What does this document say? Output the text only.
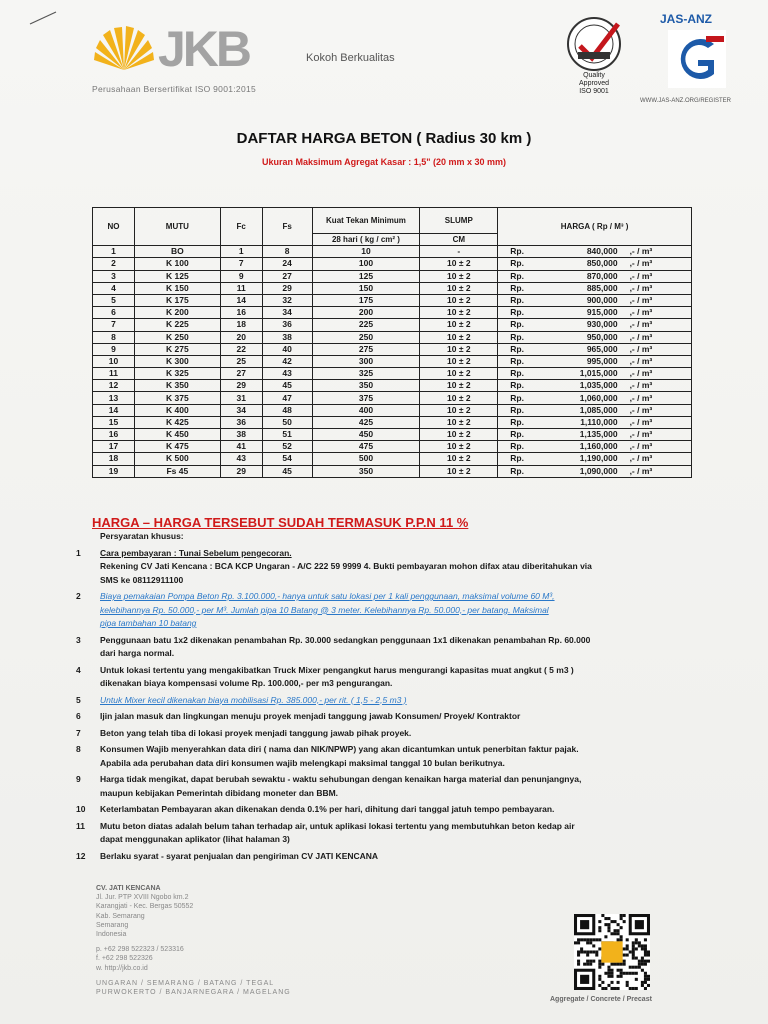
JKB	Kokoh Berkualitas
Perusahaan Bersertifikat ISO 9001:2015
Quality
Approved
ISO 9001
JAS-ANZ
WWW.JAS-ANZ.ORG/REGISTER
DAFTAR HARGA BETON ( Radius 30 km )
Ukuran Maksimum Agregat Kasar : 1,5" (20 mm x 30 mm)
NO	MUTU	Fc	Fs	Kuat Tekan Minimum	SLUMP	HARGA ( Rp / M³ )		
				28 hari ( kg / cm² )	CM			
1	BO	1	8	10	-	Rp.	840,000	,- / m³
2	K 100	7	24	100	10 ± 2	Rp.	850,000	,- / m³
3	K 125	9	27	125	10 ± 2	Rp.	870,000	,- / m³
4	K 150	11	29	150	10 ± 2	Rp.	885,000	,- / m³
5	K 175	14	32	175	10 ± 2	Rp.	900,000	,- / m³
6	K 200	16	34	200	10 ± 2	Rp.	915,000	,- / m³
7	K 225	18	36	225	10 ± 2	Rp.	930,000	,- / m³
8	K 250	20	38	250	10 ± 2	Rp.	950,000	,- / m³
9	K 275	22	40	275	10 ± 2	Rp.	965,000	,- / m³
10	K 300	25	42	300	10 ± 2	Rp.	995,000	,- / m³
11	K 325	27	43	325	10 ± 2	Rp.	1,015,000	,- / m³
12	K 350	29	45	350	10 ± 2	Rp.	1,035,000	,- / m³
13	K 375	31	47	375	10 ± 2	Rp.	1,060,000	,- / m³
14	K 400	34	48	400	10 ± 2	Rp.	1,085,000	,- / m³
15	K 425	36	50	425	10 ± 2	Rp.	1,110,000	,- / m³
16	K 450	38	51	450	10 ± 2	Rp.	1,135,000	,- / m³
17	K 475	41	52	475	10 ± 2	Rp.	1,160,000	,- / m³
18	K 500	43	54	500	10 ± 2	Rp.	1,190,000	,- / m³
19	Fs 45	29	45	350	10 ± 2	Rp.	1,090,000	,- / m³
HARGA – HARGA TERSEBUT SUDAH TERMASUK P.P.N 11 %
Persyaratan khusus:
1	Cara pembayaran : Tunai Sebelum pengecoran.
Rekening CV Jati Kencana : BCA KCP Ungaran - A/C 222 59 9999 4. Bukti pembayaran mohon difax atau diberitahukan via
SMS ke 08112911100
2	Biaya pemakaian Pompa Beton Rp. 3.100.000,- hanya untuk satu lokasi per 1 kali penggunaan, maksimal volume 60 M³,
kelebihannya Rp. 50.000,- per M³. Jumlah pipa 10 Batang @ 3 meter. Kelebihannya Rp. 50.000,- per batang. Maksimal
pipa tambahan 10 batang
3	Penggunaan batu 1x2 dikenakan penambahan Rp. 30.000 sedangkan penggunaan 1x1 dikenakan penambahan Rp. 60.000
dari harga normal.
4	Untuk lokasi tertentu yang mengakibatkan Truck Mixer pengangkut harus mengurangi kapasitas muat angkut ( 5 m3 )
dikenakan biaya kompensasi volume Rp. 100.000,- per m3 pengurangan.
5	Untuk Mixer kecil dikenakan biaya mobilisasi Rp. 385.000,- per rit. ( 1,5 - 2,5 m3 )
6	Ijin jalan masuk dan lingkungan menuju proyek menjadi tanggung jawab Konsumen/ Proyek/ Kontraktor
7	Beton yang telah tiba di lokasi proyek menjadi tanggung jawab pihak proyek.
8	Konsumen Wajib menyerahkan data diri ( nama dan NIK/NPWP) yang akan dicantumkan untuk penerbitan faktur pajak.
Apabila ada perubahan data diri konsumen wajib melengkapi maksimal tanggal 10 bulan berikutnya.
9	Harga tidak mengikat, dapat berubah sewaktu - waktu sehubungan dengan kenaikan harga material dan penunjangnya,
maupun kebijakan Pemerintah dibidang moneter dan BBM.
10	Keterlambatan Pembayaran akan dikenakan denda 0.1% per hari, dihitung dari tanggal jatuh tempo pembayaran.
11	Mutu beton diatas adalah belum tahan terhadap air, untuk aplikasi lokasi tertentu yang membutuhkan beton kedap air
dapat menggunakan aplikator (lihat halaman 3)
12	Berlaku syarat - syarat penjualan dan pengiriman CV JATI KENCANA
CV. JATI KENCANA
Jl. Jur. PTP XVIII Ngobo km.2
Karangjati - Kec. Bergas 50552
Kab. Semarang
Semarang
Indonesia
p. +62 298 522323 / 523316
f. +62 298 522326
w. http://jkb.co.id
UNGARAN / SEMARANG / BATANG / TEGAL
PURWOKERTO / BANJARNEGARA / MAGELANG
Aggregate / Concrete / Precast
